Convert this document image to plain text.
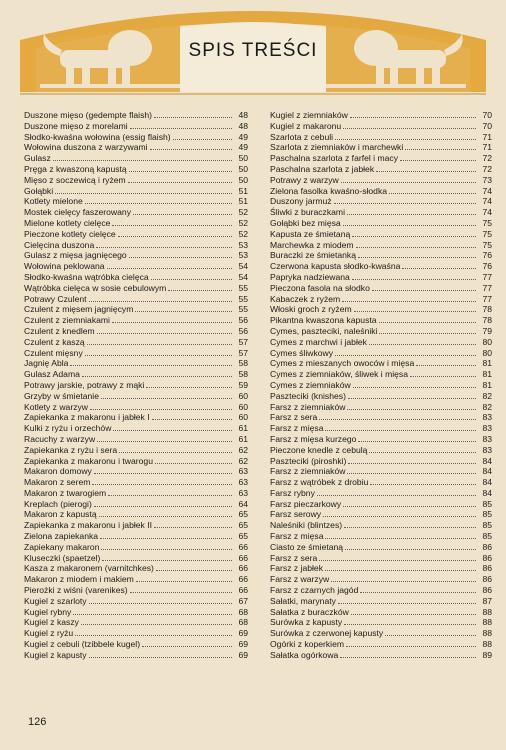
SPIS TREŚCI
Duszone mięso (gedempte flaish)	48
Duszone mięso z morelami	48
Słodko-kwaśna wołowina (essig flaish)	49
Wołowina duszona z warzywami	49
Gulasz	50
Pręga z kwaszoną kapustą	50
Mięso z soczewicą i ryżem	50
Gołąbki	51
Kotlety mielone	51
Mostek cielęcy faszerowany	52
Mielone kotlety cielęce	52
Pieczone kotlety cielęce	52
Cielęcina duszona	53
Gulasz z mięsa jagnięcego	53
Wołowina peklowana	54
Słodko-kwaśna wątróbka cielęca	54
Wątróbka cielęca w sosie cebulowym	55
Potrawy Czulent	55
Czulent z mięsem jagnięcym	55
Czulent z ziemniakami	56
Czulent z knedlem	56
Czulent z kaszą	57
Czulent mięsny	57
Jagnię Abla	58
Gulasz Adama	58
Potrawy jarskie, potrawy z mąki	59
Grzyby w śmietanie	60
Kotlety z warzyw	60
Zapiekanka z makaronu i jabłek I	60
Kulki z ryżu i orzechów	61
Racuchy z warzyw	61
Zapiekanka z ryżu i sera	62
Zapiekanka z makaronu i twarogu	62
Makaron domowy	63
Makaron z serem	63
Makaron z twarogiem	63
Kreplach (pierogi)	64
Makaron z kapustą	65
Zapiekanka z makaronu i jabłek II	65
Zielona zapiekanka	65
Zapiekany makaron	66
Kluseczki (spaetzel)	66
Kasza z makaronem (varnitchkes)	66
Makaron z miodem i makiem	66
Pierożki z wiśni (varenikes)	66
Kugiel z szarloty	67
Kugiel rybny	68
Kugiel z kaszy	68
Kugiel z ryżu	69
Kugiel z cebuli (tzibbele kugel)	69
Kugiel z kapusty	69
Kugiel z ziemniaków	70
Kugiel z makaronu	70
Szarlota z cebuli	71
Szarlota z ziemniaków i marchewki	71
Paschalna szarlota z farfel i macy	72
Paschalna szarlota z jabłek	72
Potrawy z warzyw	73
Zielona fasolka kwaśno-słodka	74
Duszony jarmuż	74
Śliwki z buraczkami	74
Gołąbki bez mięsa	75
Kapusta ze śmietaną	75
Marchewka z miodem	75
Buraczki ze śmietanką	76
Czerwona kapusta słodko-kwaśna	76
Papryka nadziewana	77
Pieczona fasola na słodko	77
Kabaczek z ryżem	77
Włoski groch z ryżem	78
Pikantna kwaszona kapusta	78
Cymes, paszteciki, naleśniki	79
Cymes z marchwi i jabłek	80
Cymes śliwkowy	80
Cymes z mieszanych owoców i mięsa	81
Cymes z ziemniaków, śliwek i mięsa	81
Cymes z ziemniaków	81
Paszteciki (knishes)	82
Farsz z ziemniaków	82
Farsz z sera	83
Farsz z mięsa	83
Farsz z mięsa kurzego	83
Pieczone knedle z cebulą	83
Paszteciki (piroshki)	84
Farsz z ziemniaków	84
Farsz z wątróbek z drobiu	84
Farsz rybny	84
Farsz pieczarkowy	85
Farsz serowy	85
Naleśniki (blintzes)	85
Farsz z mięsa	85
Ciasto ze śmietaną	86
Farsz z sera	86
Farsz z jabłek	86
Farsz z warzyw	86
Farsz z czarnych jagód	86
Sałatki, marynaty	87
Sałatka z buraczków	88
Surówka z kapusty	88
Surówka z czerwonej kapusty	88
Ogórki z koperkiem	88
Sałatka ogórkowa	89
126
